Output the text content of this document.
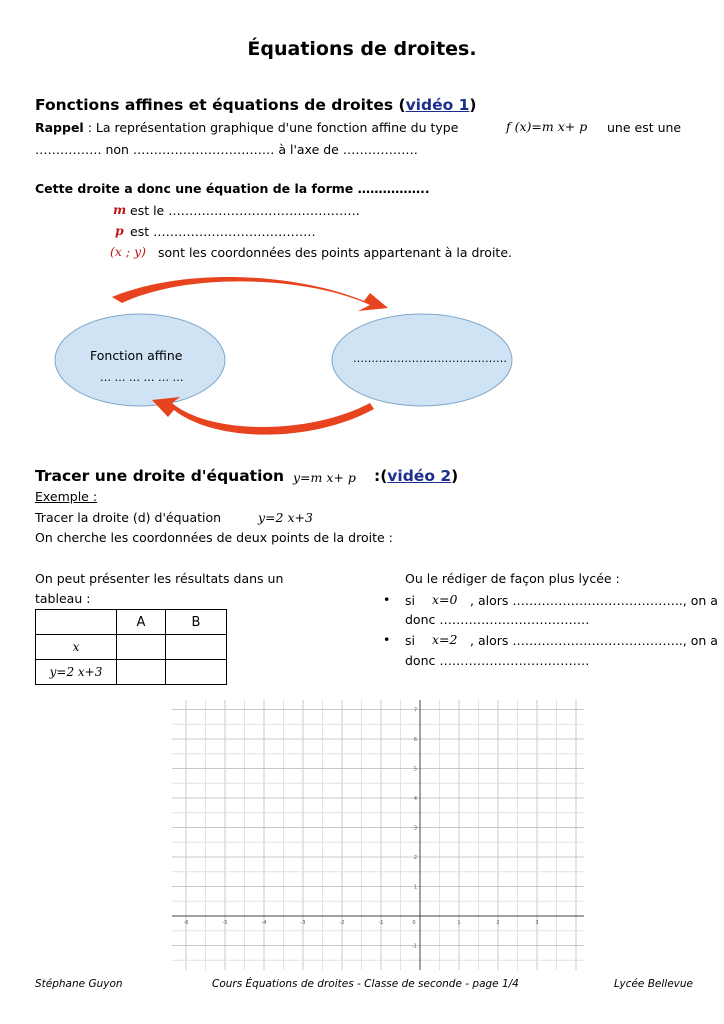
Équations de droites.
Fonctions affines et équations de droites (vidéo 1)
Rappel : La représentation graphique d'une fonction affine du type	f (x)=m x+ p une est une
……………. non ……………………….…… à l'axe de ………………
Cette droite a donc une équation de la forme ……………..
m est le ……………………………………….
p est …………………………………
(x ; y) sont les coordonnées des points appartenant à la droite.
Fonction affine
… … … … … …
……………………………………
Tracer une droite d'équation y=m x+ p :(vidéo 2)
Exemple :
Tracer la droite (d) d'équation	y=2 x+3
On cherche les coordonnées de deux points de la droite :
On peut présenter les résultats dans un
tableau :
	A	B
x		
y=2 x+3		
Ou le rédiger de façon plus lycée :
• si x=0 , alors ………………………………….., on a
donc ………………………………
• si x=2 , alors ………………………………….., on a
donc ………………………………
-6	-5	-4	-3	-2	-1	0	1	2	3
7
6
5
4
3
2
1
-1
Stéphane Guyon	Cours Équations de droites - Classe de seconde - page 1/4	Lycée Bellevue
